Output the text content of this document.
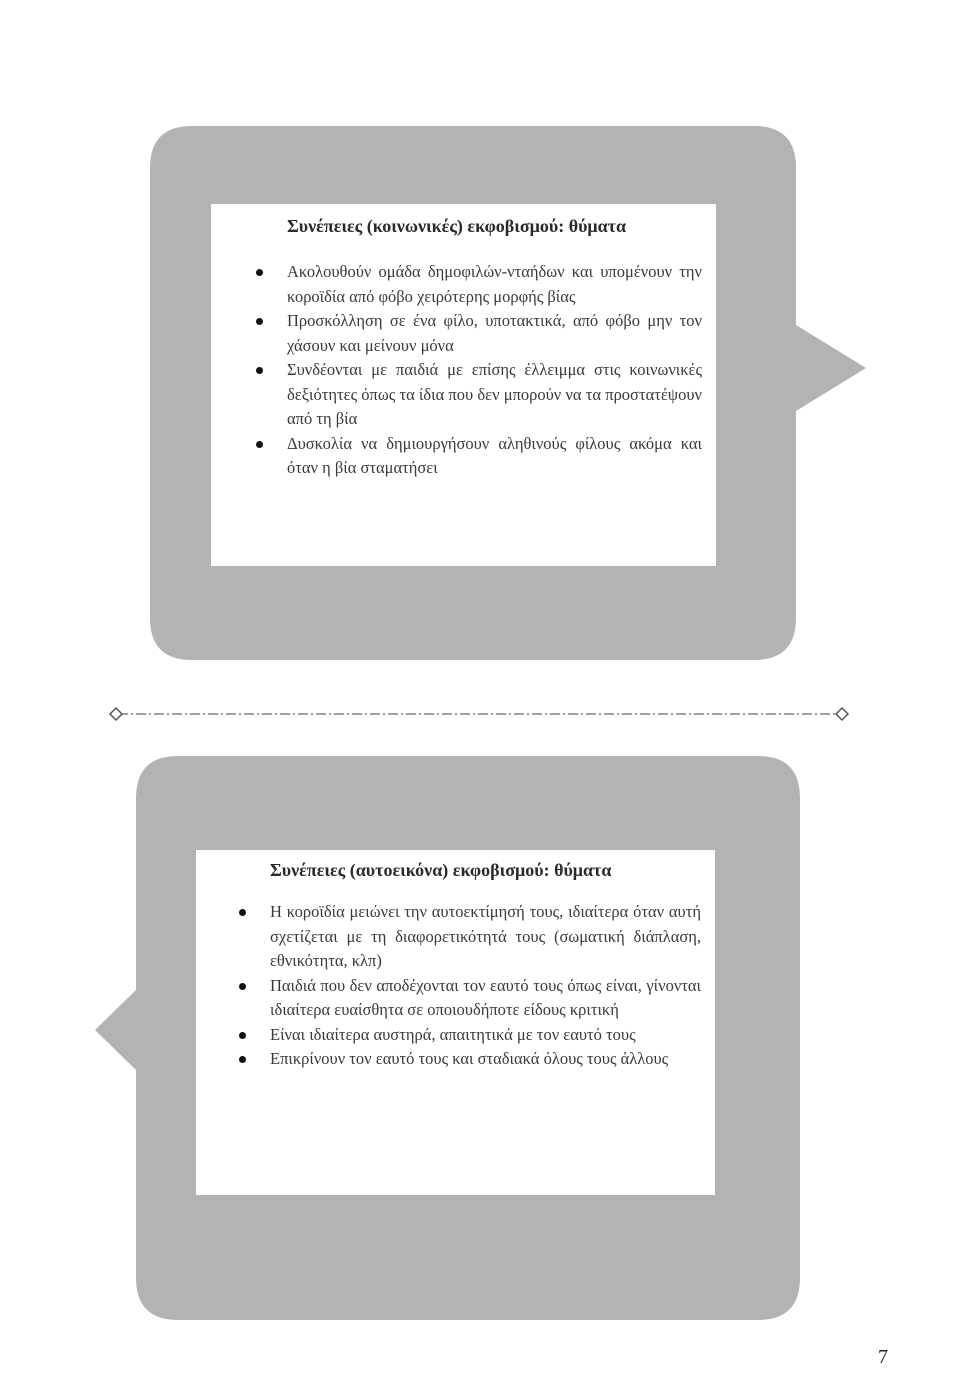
Συνέπειες (κοινωνικές) εκφοβισμού: θύματα
Ακολουθούν ομάδα δημοφιλών-νταήδων και υπομένουν την κοροϊδία από φόβο χειρότερης μορφής βίας
Προσκόλληση σε ένα φίλο, υποτακτικά, από φόβο μην τον χάσουν και μείνουν μόνα
Συνδέονται με παιδιά με επίσης έλλειμμα στις κοινωνικές δεξιότητες όπως τα ίδια που δεν μπορούν να τα προστατέψουν από τη βία
Δυσκολία να δημιουργήσουν αληθινούς φίλους ακόμα και όταν η βία σταματήσει
Συνέπειες (αυτοεικόνα) εκφοβισμού: θύματα
Η κοροϊδία μειώνει την αυτοεκτίμησή τους, ιδιαίτερα όταν αυτή σχετίζεται με τη διαφορετικότητά τους (σωματική διάπλαση, εθνικότητα, κλπ)
Παιδιά που δεν αποδέχονται τον εαυτό τους όπως είναι, γίνονται ιδιαίτερα ευαίσθητα σε οποιουδήποτε είδους κριτική
Είναι ιδιαίτερα αυστηρά, απαιτητικά με τον εαυτό τους
Επικρίνουν τον εαυτό τους και σταδιακά όλους τους άλλους
7
